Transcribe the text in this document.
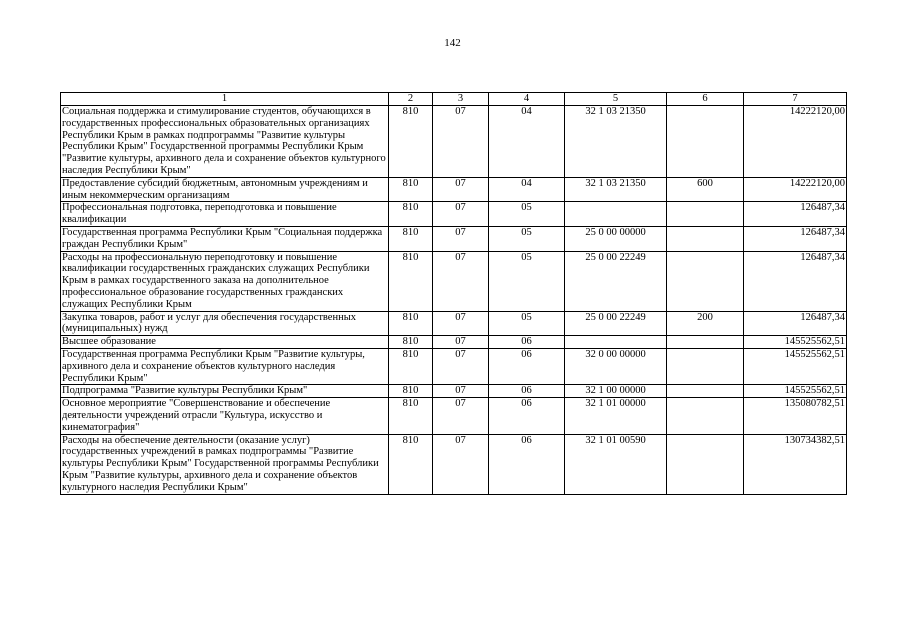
142
1	2	3	4	5	6	7
Социальная поддержка и стимулирование студентов, обучающихся в государственных профессиональных образовательных организациях Республики Крым в рамках подпрограммы "Развитие культуры Республики Крым" Государственной программы Республики Крым "Развитие культуры, архивного дела и сохранение объектов культурного наследия Республики Крым"	810	07	04	32 1 03 21350		14222120,00
Предоставление субсидий бюджетным, автономным учреждениям и иным некоммерческим организациям	810	07	04	32 1 03 21350	600	14222120,00
Профессиональная подготовка, переподготовка и повышение квалификации	810	07	05			126487,34
Государственная программа Республики Крым "Социальная поддержка граждан Республики Крым"	810	07	05	25 0 00 00000		126487,34
Расходы на профессиональную переподготовку и повышение квалификации государственных гражданских служащих Республики Крым в рамках государственного заказа на дополнительное профессиональное образование государственных гражданских служащих Республики Крым	810	07	05	25 0 00 22249		126487,34
Закупка товаров, работ и услуг для обеспечения государственных (муниципальных) нужд	810	07	05	25 0 00 22249	200	126487,34
Высшее образование	810	07	06			145525562,51
Государственная программа Республики Крым "Развитие культуры, архивного дела и сохранение объектов культурного наследия Республики Крым"	810	07	06	32 0 00 00000		145525562,51
Подпрограмма "Развитие культуры Республики Крым"	810	07	06	32 1 00 00000		145525562,51
Основное мероприятие "Совершенствование и обеспечение деятельности учреждений отрасли "Культура, искусство и кинематография"	810	07	06	32 1 01 00000		135080782,51
Расходы на обеспечение деятельности (оказание услуг) государственных учреждений в рамках подпрограммы "Развитие культуры Республики Крым" Государственной программы Республики Крым "Развитие культуры, архивного дела и сохранение объектов культурного наследия Республики Крым"	810	07	06	32 1 01 00590		130734382,51
